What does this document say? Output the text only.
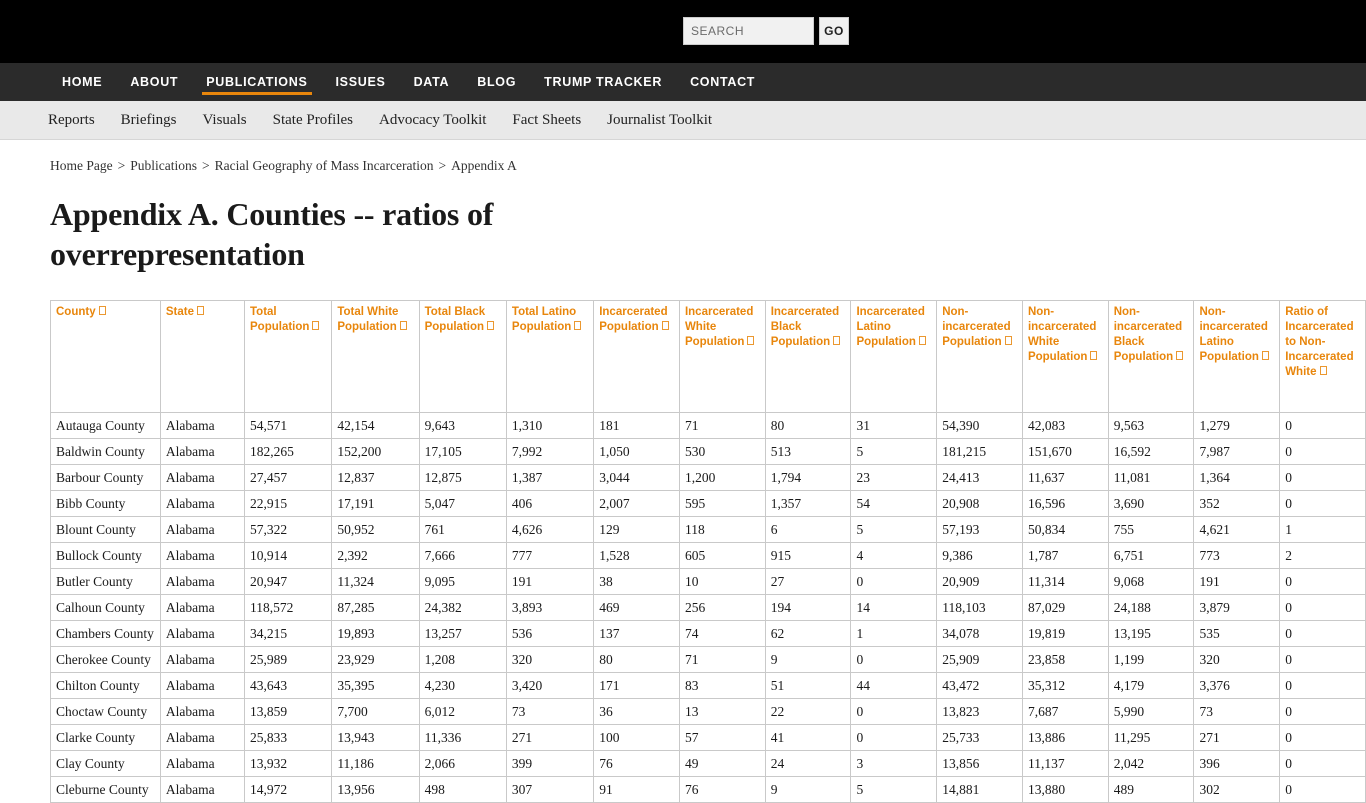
SEARCH
GO
HOME	ABOUT	PUBLICATIONS	ISSUES	DATA	BLOG	TRUMP TRACKER	CONTACT
Reports	Briefings	Visuals	State Profiles	Advocacy Toolkit	Fact Sheets	Journalist Toolkit
Home Page > Publications > Racial Geography of Mass Incarceration > Appendix A
Appendix A. Counties -- ratios of overrepresentation
County	State	Total Population	Total White Population	Total Black Population	Total Latino Population	Incarcerated Population	Incarcerated White Population	Incarcerated Black Population	Incarcerated Latino Population	Non-incarcerated Population	Non-incarcerated White Population	Non-incarcerated Black Population	Non-incarcerated Latino Population	Ratio of Incarcerated to Non-Incarcerated White
Autauga County	Alabama	54,571	42,154	9,643	1,310	181	71	80	31	54,390	42,083	9,563	1,279	0
Baldwin County	Alabama	182,265	152,200	17,105	7,992	1,050	530	513	5	181,215	151,670	16,592	7,987	0
Barbour County	Alabama	27,457	12,837	12,875	1,387	3,044	1,200	1,794	23	24,413	11,637	11,081	1,364	0
Bibb County	Alabama	22,915	17,191	5,047	406	2,007	595	1,357	54	20,908	16,596	3,690	352	0
Blount County	Alabama	57,322	50,952	761	4,626	129	118	6	5	57,193	50,834	755	4,621	1
Bullock County	Alabama	10,914	2,392	7,666	777	1,528	605	915	4	9,386	1,787	6,751	773	2
Butler County	Alabama	20,947	11,324	9,095	191	38	10	27	0	20,909	11,314	9,068	191	0
Calhoun County	Alabama	118,572	87,285	24,382	3,893	469	256	194	14	118,103	87,029	24,188	3,879	0
Chambers County	Alabama	34,215	19,893	13,257	536	137	74	62	1	34,078	19,819	13,195	535	0
Cherokee County	Alabama	25,989	23,929	1,208	320	80	71	9	0	25,909	23,858	1,199	320	0
Chilton County	Alabama	43,643	35,395	4,230	3,420	171	83	51	44	43,472	35,312	4,179	3,376	0
Choctaw County	Alabama	13,859	7,700	6,012	73	36	13	22	0	13,823	7,687	5,990	73	0
Clarke County	Alabama	25,833	13,943	11,336	271	100	57	41	0	25,733	13,886	11,295	271	0
Clay County	Alabama	13,932	11,186	2,066	399	76	49	24	3	13,856	11,137	2,042	396	0
Cleburne County	Alabama	14,972	13,956	498	307	91	76	9	5	14,881	13,880	489	302	0
